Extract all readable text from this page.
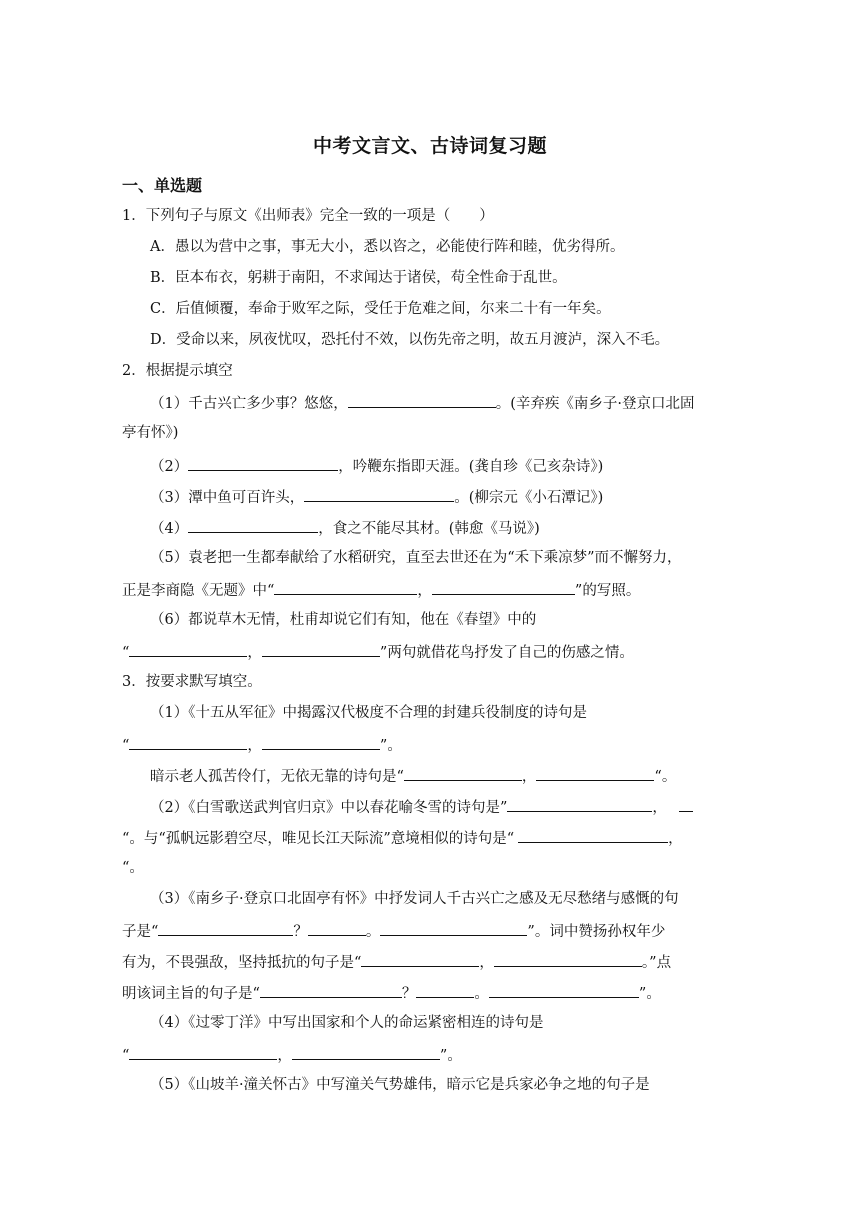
中考文言文、古诗词复习题
一、单选题
1．下列句子与原文《出师表》完全一致的一项是（　　）
A．愚以为营中之事，事无大小，悉以咨之，必能使行阵和睦，优劣得所。
B．臣本布衣，躬耕于南阳，不求闻达于诸侯，苟全性命于乱世。
C．后值倾覆，奉命于败军之际，受任于危难之间，尔来二十有一年矣。
D．受命以来，夙夜忧叹，恐托付不效，以伤先帝之明，故五月渡泸，深入不毛。
2．根据提示填空
（1）千古兴亡多少事？悠悠，	。(辛弃疾《南乡子·登京口北固
亭有怀》)
（2）	，吟鞭东指即天涯。(龚自珍《己亥杂诗》)
（3）潭中鱼可百许头，	。(柳宗元《小石潭记》)
（4）	，食之不能尽其材。(韩愈《马说》)
（5）袁老把一生都奉献给了水稻研究，直至去世还在为“禾下乘凉梦”而不懈努力，
正是李商隐《无题》中“	，	”的写照。
（6）都说草木无情，杜甫却说它们有知，他在《春望》中的
“	，	”两句就借花鸟抒发了自己的伤感之情。
3．按要求默写填空。
（1）《十五从军征》中揭露汉代极度不合理的封建兵役制度的诗句是
“	，	”。
暗示老人孤苦伶仃，无依无靠的诗句是“	，	“。
（2）《白雪歌送武判官归京》中以春花喻冬雪的诗句是”	，
“。与“孤帆远影碧空尽，唯见长江天际流”意境相似的诗句是“	，
“。
（3）《南乡子·登京口北固亭有怀》中抒发词人千古兴亡之感及无尽愁绪与感慨的句
子是“	？	。	”。词中赞扬孙权年少
有为，不畏强敌，坚持抵抗的句子是“	，	。”点
明该词主旨的句子是“	？	。	”。
（4）《过零丁洋》中写出国家和个人的命运紧密相连的诗句是
“	，	”。
（5）《山坡羊·潼关怀古》中写潼关气势雄伟，暗示它是兵家必争之地的句子是
